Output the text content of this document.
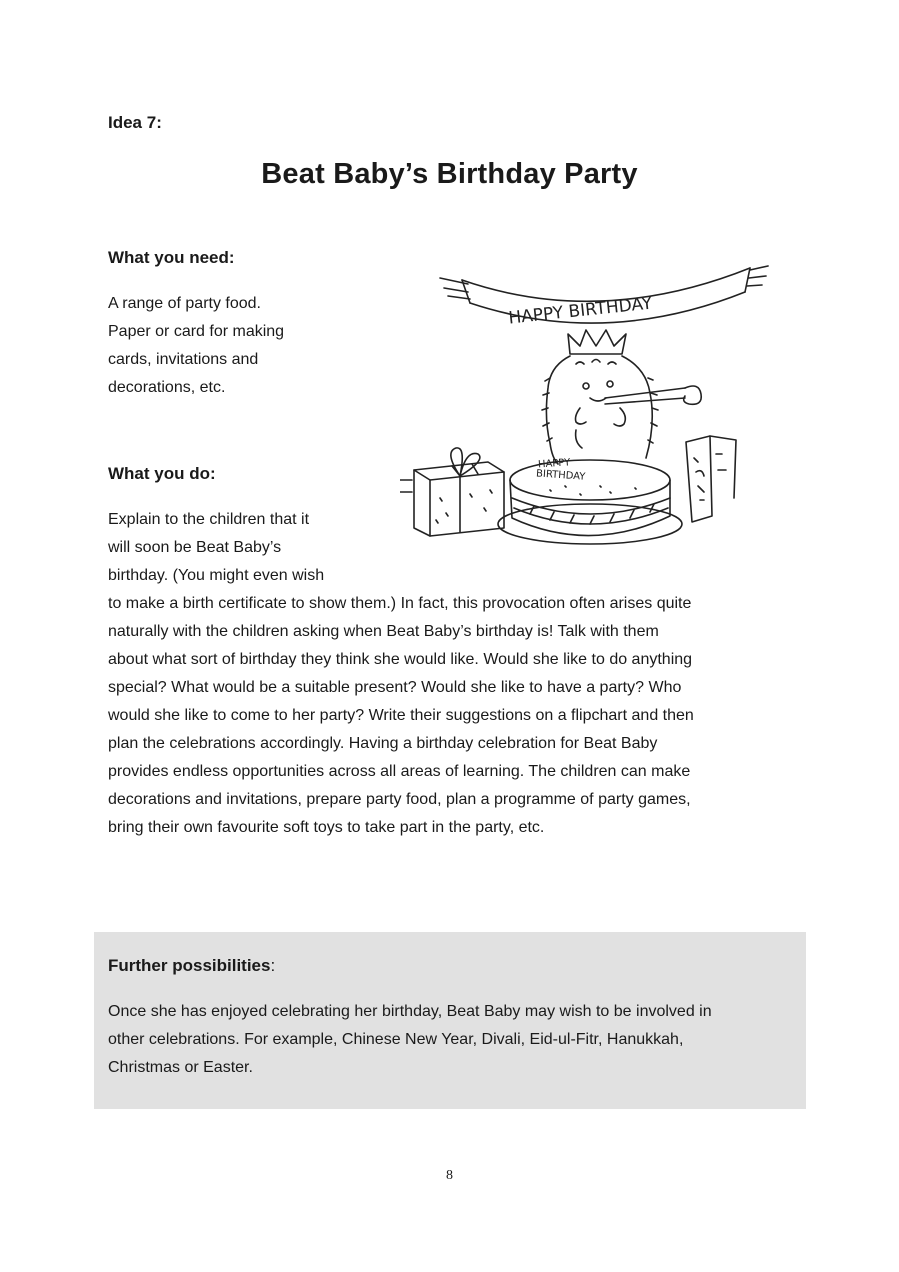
Idea 7:
Beat Baby’s Birthday Party
What you need:
A range of party food.
Paper or card for making
cards, invitations and
decorations, etc.
What you do:
Explain to the children that it
will soon be Beat Baby’s
birthday. (You might even wish
to make a birth certificate to show them.) In fact, this provocation often arises quite
naturally with the children asking when Beat Baby’s birthday is! Talk with them
about what sort of birthday they think she would like. Would she like to do anything
special? What would be a suitable present? Would she like to have a party? Who
would she like to come to her party? Write their suggestions on a flipchart and then
plan the celebrations accordingly. Having a birthday celebration for Beat Baby
provides endless opportunities across all areas of learning. The children can make
decorations and invitations, prepare party food, plan a programme of party games,
bring their own favourite soft toys to take part in the party, etc.
HAPPY BIRTHDAY
HAPPY
BIRTHDAY
Further possibilities:
Once she has enjoyed celebrating her birthday, Beat Baby may wish to be involved in
other celebrations. For example, Chinese New Year, Divali, Eid-ul-Fitr, Hanukkah,
Christmas or Easter.
8
